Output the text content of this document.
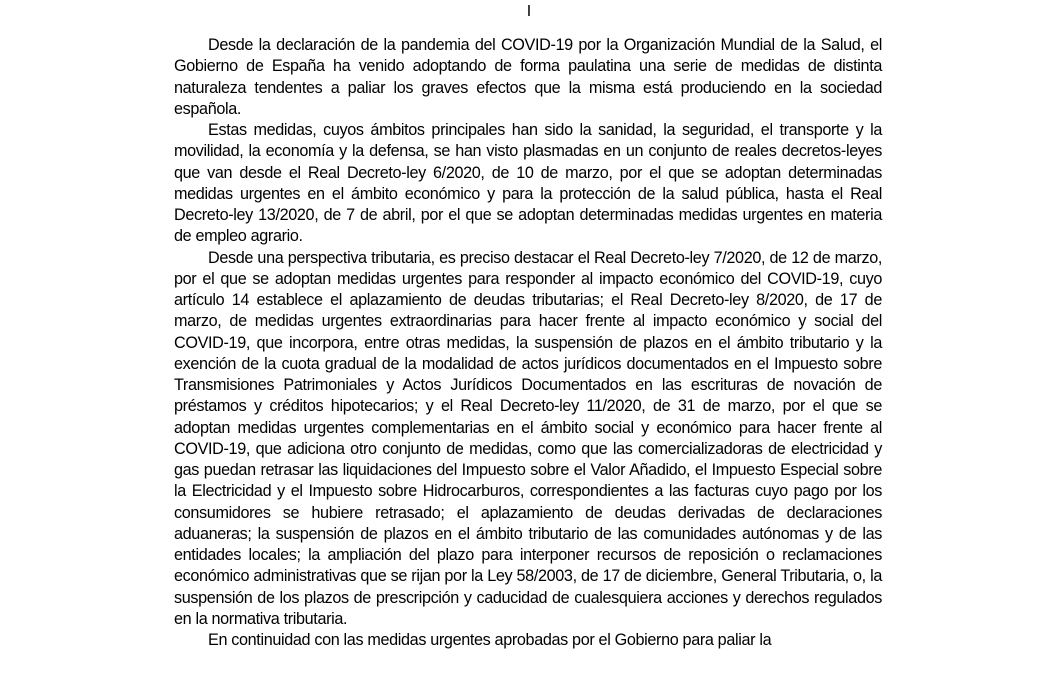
I

Desde la declaración de la pandemia del COVID-19 por la Organización Mundial de la Salud, el Gobierno de España ha venido adoptando de forma paulatina una serie de medidas de distinta naturaleza tendentes a paliar los graves efectos que la misma está produciendo en la sociedad española.

Estas medidas, cuyos ámbitos principales han sido la sanidad, la seguridad, el transporte y la movilidad, la economía y la defensa, se han visto plasmadas en un conjunto de reales decretos-leyes que van desde el Real Decreto-ley 6/2020, de 10 de marzo, por el que se adoptan determinadas medidas urgentes en el ámbito económico y para la protección de la salud pública, hasta el Real Decreto-ley 13/2020, de 7 de abril, por el que se adoptan determinadas medidas urgentes en materia de empleo agrario.

Desde una perspectiva tributaria, es preciso destacar el Real Decreto-ley 7/2020, de 12 de marzo, por el que se adoptan medidas urgentes para responder al impacto económico del COVID-19, cuyo artículo 14 establece el aplazamiento de deudas tributarias; el Real Decreto-ley 8/2020, de 17 de marzo, de medidas urgentes extraordinarias para hacer frente al impacto económico y social del COVID-19, que incorpora, entre otras medidas, la suspensión de plazos en el ámbito tributario y la exención de la cuota gradual de la modalidad de actos jurídicos documentados en el Impuesto sobre Transmisiones Patrimoniales y Actos Jurídicos Documentados en las escrituras de novación de préstamos y créditos hipotecarios; y el Real Decreto-ley 11/2020, de 31 de marzo, por el que se adoptan medidas urgentes complementarias en el ámbito social y económico para hacer frente al COVID-19, que adiciona otro conjunto de medidas, como que las comercializadoras de electricidad y gas puedan retrasar las liquidaciones del Impuesto sobre el Valor Añadido, el Impuesto Especial sobre la Electricidad y el Impuesto sobre Hidrocarburos, correspondientes a las facturas cuyo pago por los consumidores se hubiere retrasado; el aplazamiento de deudas derivadas de declaraciones aduaneras; la suspensión de plazos en el ámbito tributario de las comunidades autónomas y de las entidades locales; la ampliación del plazo para interponer recursos de reposición o reclamaciones económico administrativas que se rijan por la Ley 58/2003, de 17 de diciembre, General Tributaria, o, la suspensión de los plazos de prescripción y caducidad de cualesquiera acciones y derechos regulados en la normativa tributaria.

En continuidad con las medidas urgentes aprobadas por el Gobierno para paliar la
